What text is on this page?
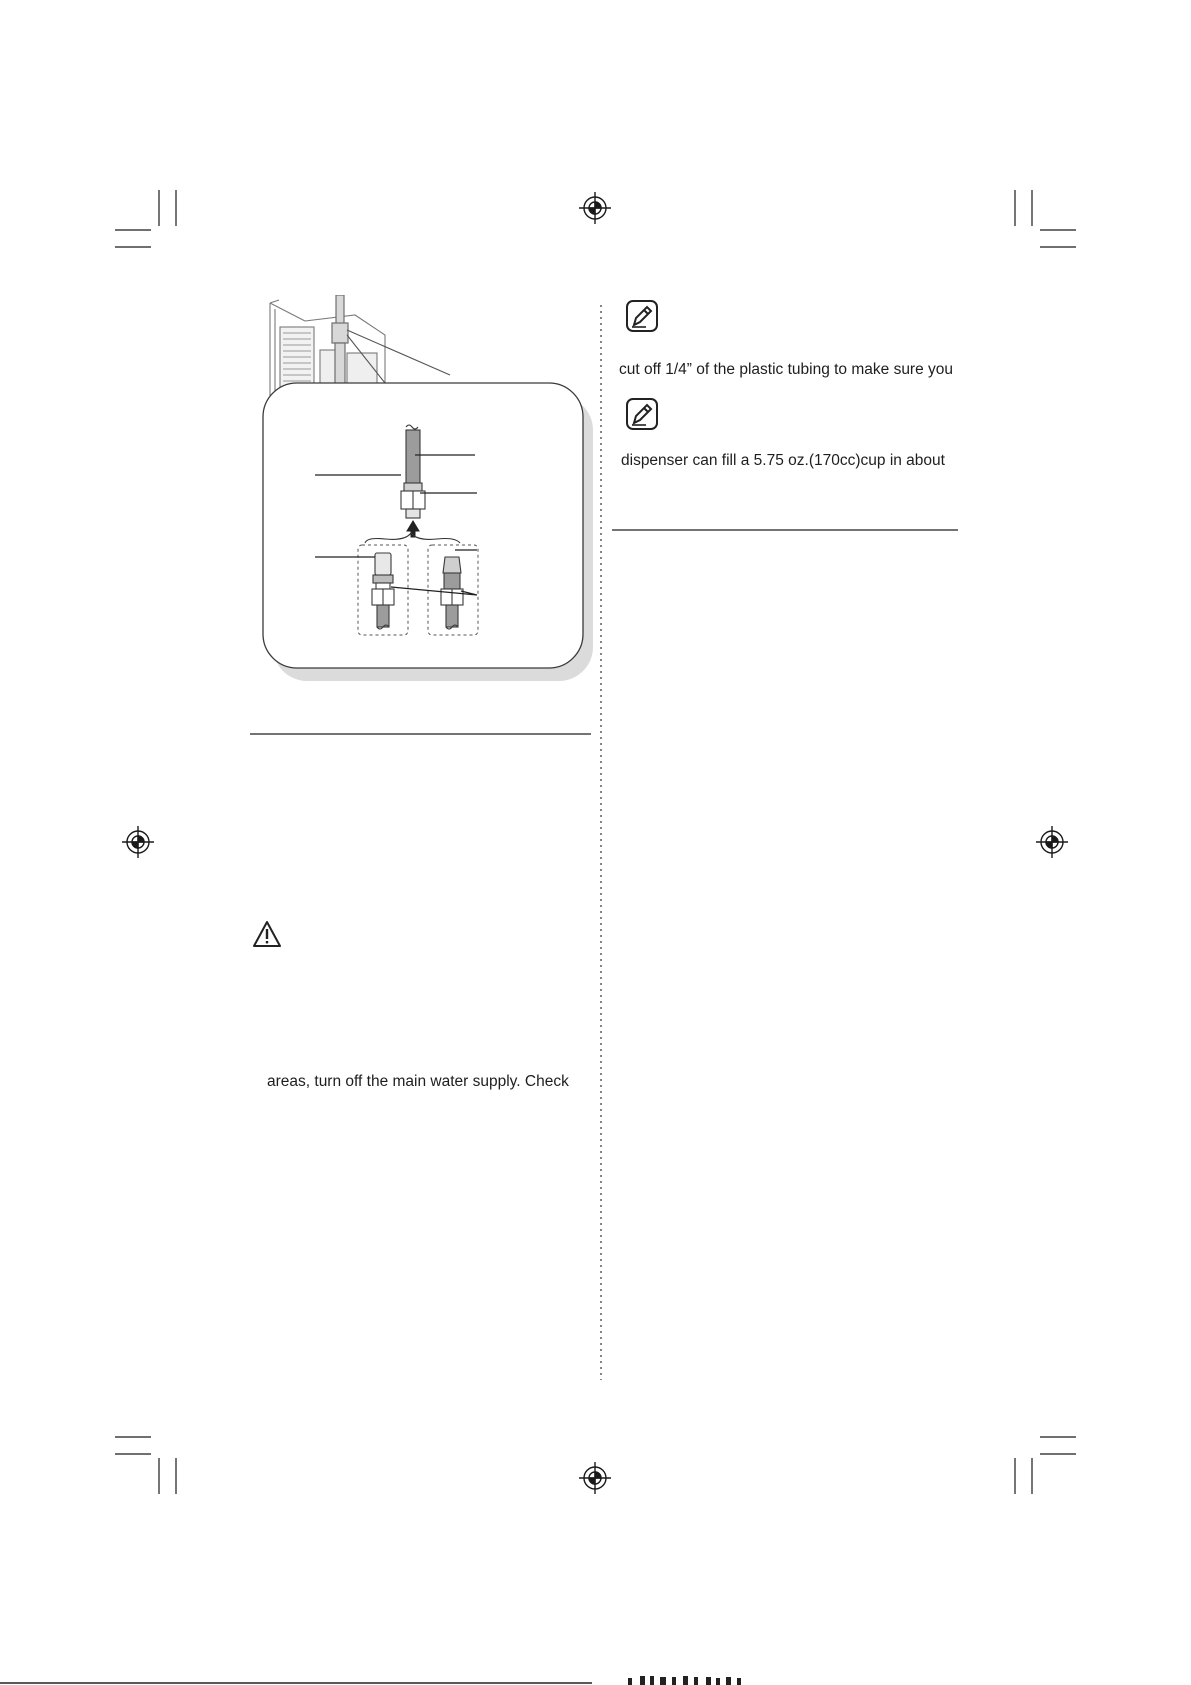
cut off 1/4” of the plastic tubing to make sure you
dispenser can fill a 5.75 oz.(170cc)cup in about
areas, turn off the main water supply. Check
